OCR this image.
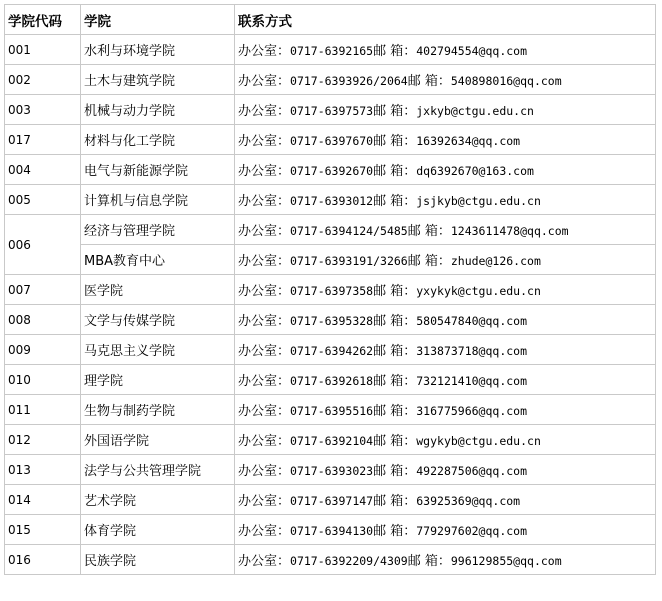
学院代码	学院	联系方式
001	水利与环境学院	办公室：0717-6392165邮 箱：402794554@qq.com
002	土木与建筑学院	办公室：0717-6393926/2064邮 箱：540898016@qq.com
003	机械与动力学院	办公室：0717-6397573邮 箱：jxkyb@ctgu.edu.cn
017	材料与化工学院	办公室：0717-6397670邮 箱：16392634@qq.com
004	电气与新能源学院	办公室：0717-6392670邮 箱：dq6392670@163.com
005	计算机与信息学院	办公室：0717-6393012邮 箱：jsjkyb@ctgu.edu.cn
006	经济与管理学院	办公室：0717-6394124/5485邮 箱：1243611478@qq.com
	MBA教育中心	办公室：0717-6393191/3266邮 箱：zhude@126.com
007	医学院	办公室：0717-6397358邮 箱：yxykyk@ctgu.edu.cn
008	文学与传媒学院	办公室：0717-6395328邮 箱：580547840@qq.com
009	马克思主义学院	办公室：0717-6394262邮 箱：313873718@qq.com
010	理学院	办公室：0717-6392618邮 箱：732121410@qq.com
011	生物与制药学院	办公室：0717-6395516邮 箱：316775966@qq.com
012	外国语学院	办公室：0717-6392104邮 箱：wgykyb@ctgu.edu.cn
013	法学与公共管理学院	办公室：0717-6393023邮 箱：492287506@qq.com
014	艺术学院	办公室：0717-6397147邮 箱：63925369@qq.com
015	体育学院	办公室：0717-6394130邮 箱：779297602@qq.com
016	民族学院	办公室：0717-6392209/4309邮 箱：996129855@qq.com
